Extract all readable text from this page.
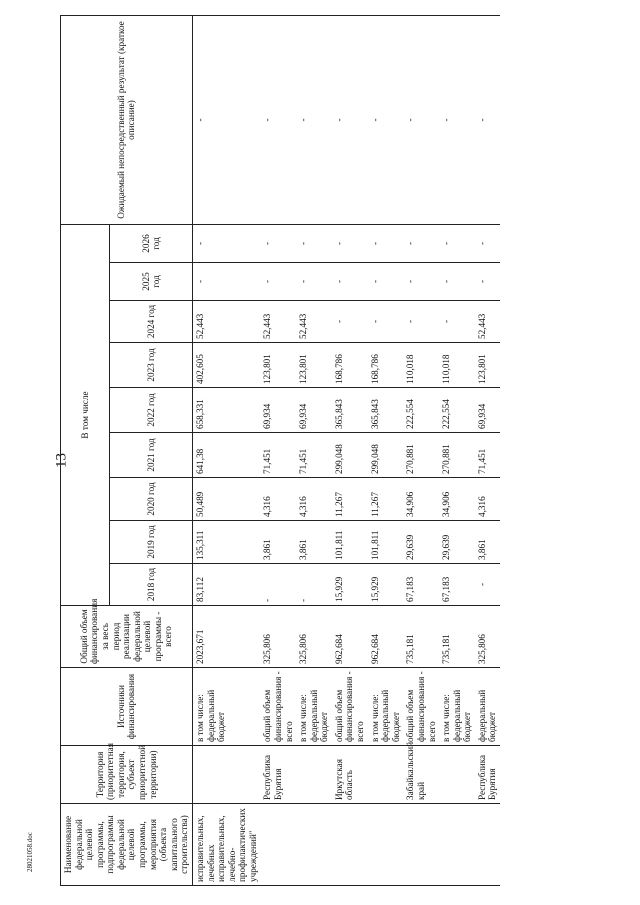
13
28021058.doc	Наименование федеральной целевой программы, подпрограммы федеральной целевой программы, мероприятия (объекта капитального строительства)	Территория (приоритетная территория, субъект приоритетной территории)	Источники финансирования	Общий объем финансирования за весь период реализации федеральной целевой программы - всего	В том числе									Ожидаемый непосредственный результат (краткое описание)
				2018 год	2019 год	2020 год	2021 год	2022 год	2023 год	2024 год	2025 год	2026 год	
исправительных, лечебных исправительных, лечебно-профилактических учреждений"		в том числе: федеральный бюджет	2023,671	83,112	135,311	50,489	641,38	658,331	402,605	52,443	-	-	-
	Республика Бурятия	общий объем финансирования - всего	325,806	-	3,861	4,316	71,451	69,934	123,801	52,443	-	-	-
		в том числе: федеральный бюджет	325,806	-	3,861	4,316	71,451	69,934	123,801	52,443	-	-	-
	Иркутская область	общий объем финансирования - всего	962,684	15,929	101,811	11,267	299,048	365,843	168,786	-	-	-	-
		в том числе: федеральный бюджет	962,684	15,929	101,811	11,267	299,048	365,843	168,786	-	-	-	-
	Забайкальский край	общий объем финансирования - всего	735,181	67,183	29,639	34,906	270,881	222,554	110,018	-	-	-	-
		в том числе: федеральный бюджет	735,181	67,183	29,639	34,906	270,881	222,554	110,018	-	-	-	-
	Республика Бурятия	федеральный бюджет	325,806	-	3,861	4,316	71,451	69,934	123,801	52,443	-	-	-
